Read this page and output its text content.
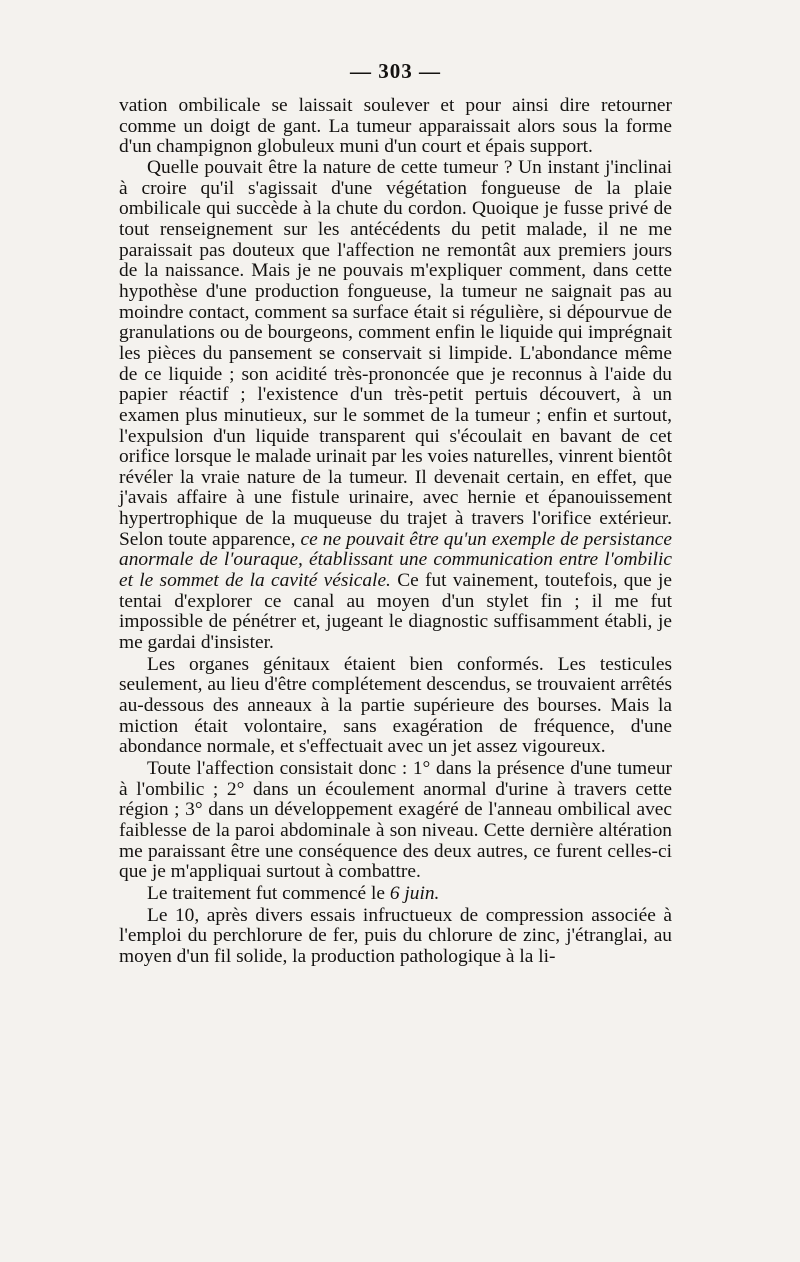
— 303 —

vation ombilicale se laissait soulever et pour ainsi dire retourner comme un doigt de gant. La tumeur apparaissait alors sous la forme d'un champignon globuleux muni d'un court et épais support.

Quelle pouvait être la nature de cette tumeur ? Un instant j'inclinai à croire qu'il s'agissait d'une végétation fongueuse de la plaie ombilicale qui succède à la chute du cordon. Quoique je fusse privé de tout renseignement sur les antécédents du petit malade, il ne me paraissait pas douteux que l'affection ne remontât aux premiers jours de la naissance. Mais je ne pouvais m'expliquer comment, dans cette hypothèse d'une production fongueuse, la tumeur ne saignait pas au moindre contact, comment sa surface était si régulière, si dépourvue de granulations ou de bourgeons, comment enfin le liquide qui imprégnait les pièces du pansement se conservait si limpide. L'abondance même de ce liquide ; son acidité très-prononcée que je reconnus à l'aide du papier réactif ; l'existence d'un très-petit pertuis découvert, à un examen plus minutieux, sur le sommet de la tumeur ; enfin et surtout, l'expulsion d'un liquide transparent qui s'écoulait en bavant de cet orifice lorsque le malade urinait par les voies naturelles, vinrent bientôt révéler la vraie nature de la tumeur. Il devenait certain, en effet, que j'avais affaire à une fistule urinaire, avec hernie et épanouissement hypertrophique de la muqueuse du trajet à travers l'orifice extérieur. Selon toute apparence, ce ne pouvait être qu'un exemple de persistance anormale de l'ouraque, établissant une communication entre l'ombilic et le sommet de la cavité vésicale. Ce fut vainement, toutefois, que je tentai d'explorer ce canal au moyen d'un stylet fin ; il me fut impossible de pénétrer et, jugeant le diagnostic suffisamment établi, je me gardai d'insister.

Les organes génitaux étaient bien conformés. Les testicules seulement, au lieu d'être complétement descendus, se trouvaient arrêtés au-dessous des anneaux à la partie supérieure des bourses. Mais la miction était volontaire, sans exagération de fréquence, d'une abondance normale, et s'effectuait avec un jet assez vigoureux.

Toute l'affection consistait donc : 1° dans la présence d'une tumeur à l'ombilic ; 2° dans un écoulement anormal d'urine à travers cette région ; 3° dans un développement exagéré de l'anneau ombilical avec faiblesse de la paroi abdominale à son niveau. Cette dernière altération me paraissant être une conséquence des deux autres, ce furent celles-ci que je m'appliquai surtout à combattre.

Le traitement fut commencé le 6 juin.

Le 10, après divers essais infructueux de compression associée à l'emploi du perchlorure de fer, puis du chlorure de zinc, j'étranglai, au moyen d'un fil solide, la production pathologique à la li-
